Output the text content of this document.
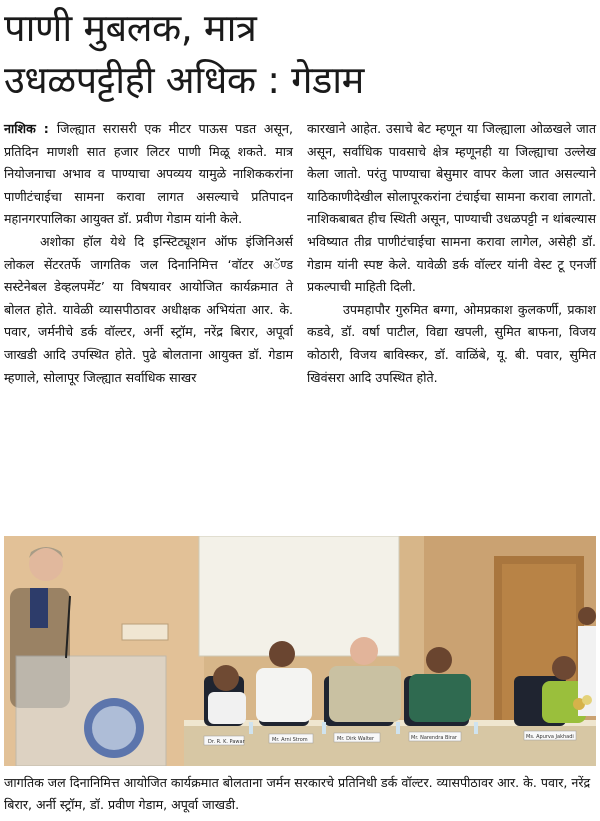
पाणी मुबलक, मात्र
उधळपट्टीही अधिक : गेडाम

नाशिक : जिल्ह्यात सरासरी एक मीटर पाऊस पडत असून, प्रतिदिन माणशी सात हजार लिटर पाणी मिळू शकते. मात्र नियोजनाचा अभाव व पाण्याचा अपव्यय यामुळे नाशिककरांना पाणीटंचाईचा सामना करावा लागत असल्याचे प्रतिपादन महानगरपालिका आयुक्त डॉ. प्रवीण गेडाम यांनी केले.

अशोका हॉल येथे दि इन्स्टिट्यूशन ऑफ इंजिनिअर्स लोकल सेंटरतर्फे जागतिक जल दिनानिमित्त ‘वॉटर अॅण्ड सस्टेनेबल डेव्हलपमेंट’ या विषयावर आयोजित कार्यक्रमात ते बोलत होते. यावेळी व्यासपीठावर अधीक्षक अभियंता आर. के. पवार, जर्मनीचे डर्क वॉल्टर, अर्नी स्ट्रॉम, नरेंद्र बिरार, अपूर्वा जाखडी आदि उपस्थित होते. पुढे बोलताना आयुक्त डॉ. गेडाम म्हणाले, सोलापूर जिल्ह्यात सर्वाधिक साखर

कारखाने आहेत. उसाचे बेट म्हणून या जिल्ह्याला ओळखले जात असून, सर्वाधिक पावसाचे क्षेत्र म्हणूनही या जिल्ह्याचा उल्लेख केला जातो. परंतु पाण्याचा बेसुमार वापर केला जात असल्याने याठिकाणीदेखील सोलापूरकरांना टंचाईचा सामना करावा लागतो. नाशिकबाबत हीच स्थिती असून, पाण्याची उधळपट्टी न थांबल्यास भविष्यात तीव्र पाणीटंचाईचा सामना करावा लागेल, असेही डॉ. गेडाम यांनी स्पष्ट केले. यावेळी डर्क वॉल्टर यांनी वेस्ट टू एनर्जी प्रकल्पाची माहिती दिली.

उपमहापौर गुरुमित बग्गा, ओमप्रकाश कुलकर्णी, प्रकाश कडवे, डॉ. वर्षा पाटील, विद्या खपली, सुमित बाफना, विजय कोठारी, विजय बाविस्कर, डॉ. वाळिंबे, यू. बी. पवार, सुमित खिवंसरा आदि उपस्थित होते.

Dr. R. K. Pawar	Mr. Arni Strom	Mr. Dirk Walter	Mr. Narendra Birar	Ms. Apurva Jakhadi
जागतिक जल दिनानिमित्त आयोजित कार्यक्रमात बोलताना जर्मन सरकारचे प्रतिनिधी डर्क वॉल्टर. व्यासपीठावर आर. के. पवार, नरेंद्र बिरार, अर्नी स्ट्रॉम, डॉ. प्रवीण गेडाम, अपूर्वा जाखडी.
